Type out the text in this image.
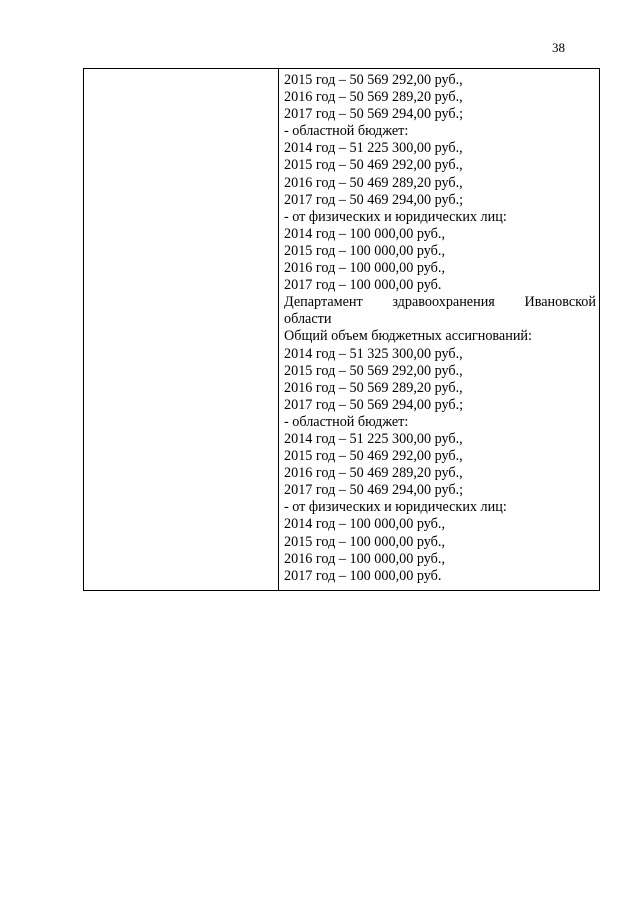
38

2015 год – 50 569 292,00 руб.,
2016 год – 50 569 289,20 руб.,
2017 год – 50 569 294,00 руб.;
- областной бюджет:
2014 год – 51 225 300,00 руб.,
2015 год – 50 469 292,00 руб.,
2016 год – 50 469 289,20 руб.,
2017 год – 50 469 294,00 руб.;
- от физических и юридических лиц:
2014 год – 100 000,00 руб.,
2015 год – 100 000,00 руб.,
2016 год – 100 000,00 руб.,
2017 год – 100 000,00 руб.
Департамент здравоохранения Ивановской
области
Общий объем бюджетных ассигнований:
2014 год – 51 325 300,00 руб.,
2015 год – 50 569 292,00 руб.,
2016 год – 50 569 289,20 руб.,
2017 год – 50 569 294,00 руб.;
- областной бюджет:
2014 год – 51 225 300,00 руб.,
2015 год – 50 469 292,00 руб.,
2016 год – 50 469 289,20 руб.,
2017 год – 50 469 294,00 руб.;
- от физических и юридических лиц:
2014 год – 100 000,00 руб.,
2015 год – 100 000,00 руб.,
2016 год – 100 000,00 руб.,
2017 год – 100 000,00 руб.
